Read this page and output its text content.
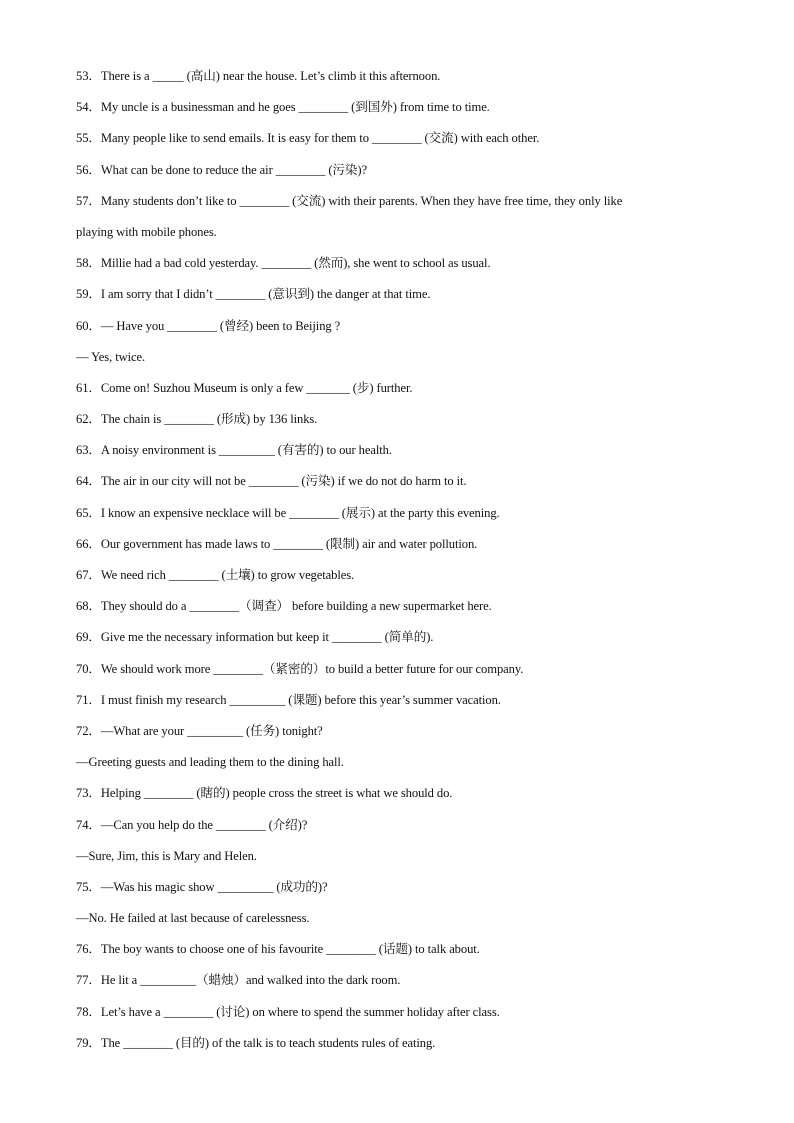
53．There is a _____ (高山) near the house. Let’s climb it this afternoon.
54．My uncle is a businessman and he goes ________ (到国外) from time to time.
55．Many people like to send emails. It is easy for them to ________ (交流) with each other.
56．What can be done to reduce the air ________ (污染)?
57．Many students don’t like to ________ (交流) with their parents. When they have free time, they only like
playing with mobile phones.
58．Millie had a bad cold yesterday. ________ (然而), she went to school as usual.
59．I am sorry that I didn’t ________ (意识到) the danger at that time.
60．— Have you ________ (曾经) been to Beijing ?
— Yes, twice.
61．Come on! Suzhou Museum is only a few _______ (步) further.
62．The chain is ________ (形成) by 136 links.
63．A noisy environment is _________ (有害的) to our health.
64．The air in our city will not be ________ (污染) if we do not do harm to it.
65．I know an expensive necklace will be ________ (展示) at the party this evening.
66．Our government has made laws to ________ (限制) air and water pollution.
67．We need rich ________ (土壤) to grow vegetables.
68．They should do a ________（调查） before building a new supermarket here.
69．Give me the necessary information but keep it ________ (简单的).
70．We should work more ________（紧密的）to build a better future for our company.
71．I must finish my research _________ (课题) before this year’s summer vacation.
72．—What are your _________ (任务) tonight?
—Greeting guests and leading them to the dining hall.
73．Helping ________ (瞎的) people cross the street is what we should do.
74．—Can you help do the ________ (介绍)?
—Sure, Jim, this is Mary and Helen.
75．—Was his magic show _________ (成功的)?
—No. He failed at last because of carelessness.
76．The boy wants to choose one of his favourite ________ (话题) to talk about.
77．He lit a _________（蜡烛）and walked into the dark room.
78．Let’s have a ________ (讨论) on where to spend the summer holiday after class.
79．The ________ (目的) of the talk is to teach students rules of eating.
